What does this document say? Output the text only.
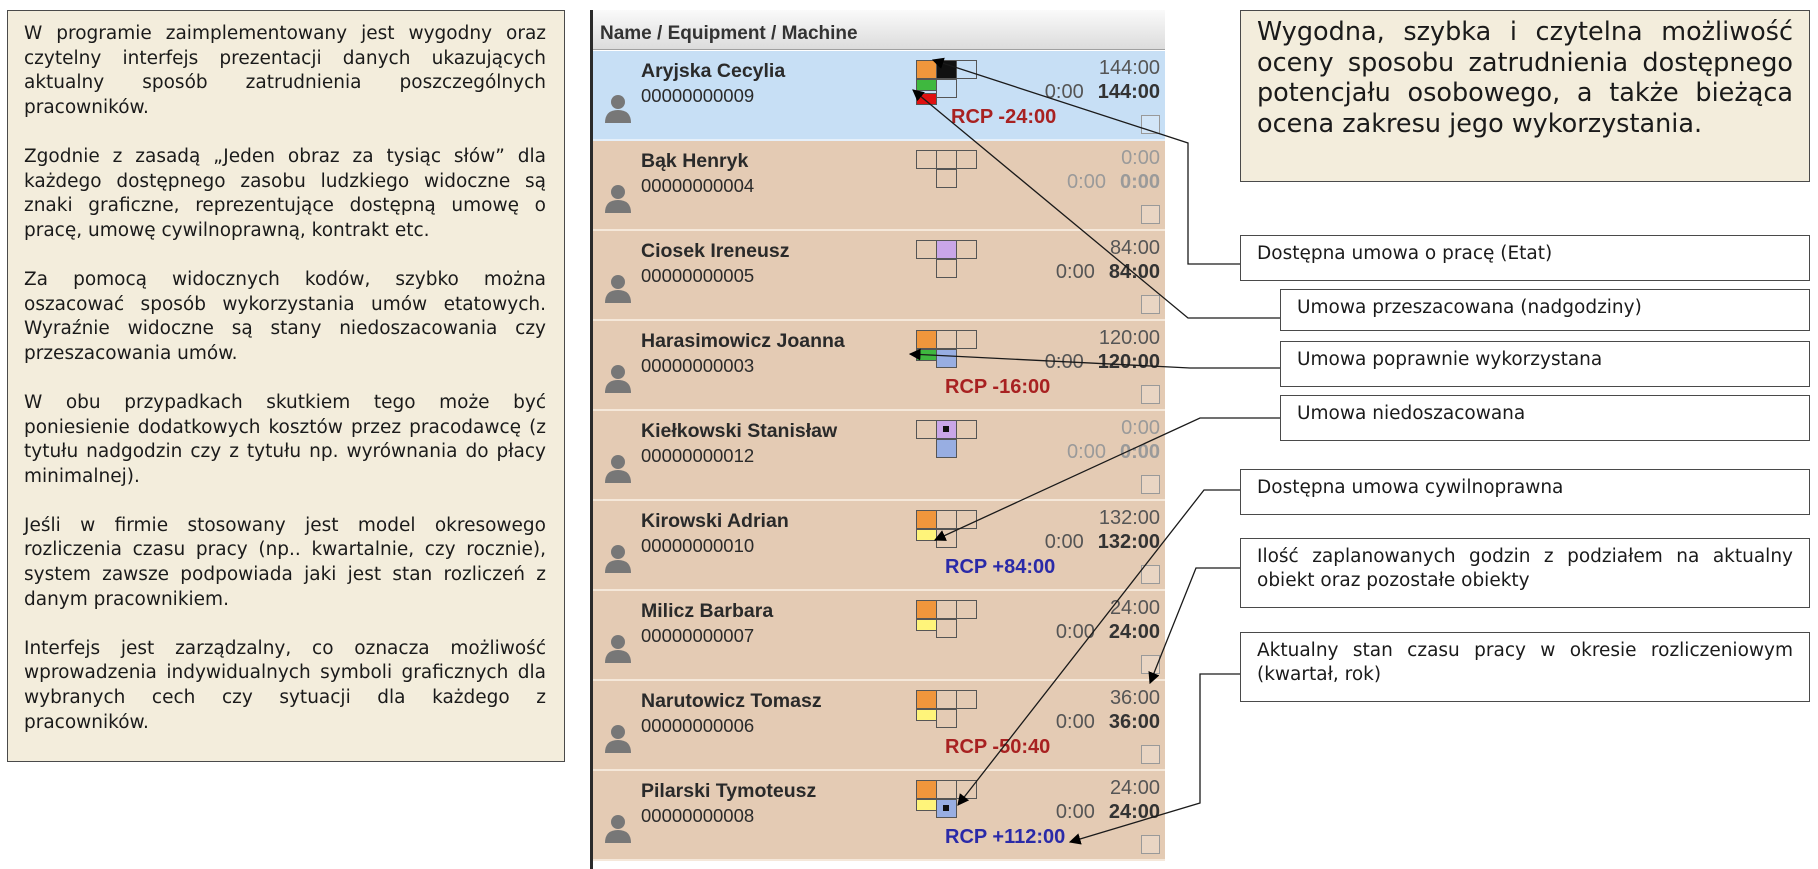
W programie zaimplementowany jest wygodny oraz czytelny interfejs prezentacji danych ukazujących aktualny sposób zatrudnienia poszczególnych pracowników.

Zgodnie z zasadą „Jeden obraz za tysiąc słów” dla każdego dostępnego zasobu ludzkiego widoczne są znaki graficzne, reprezentujące dostępną umowę o pracę, umowę cywilnoprawną, kontrakt etc.

Za pomocą widocznych kodów, szybko można oszacować sposób wykorzystania umów etatowych. Wyraźnie widoczne są stany niedoszacowania czy przeszacowania umów.

W obu przypadkach skutkiem tego może być poniesienie dodatkowych kosztów przez pracodawcę (z tytułu nadgodzin czy z tytułu np. wyrównania do płacy minimalnej).

Jeśli w firmie stosowany jest model okresowego rozliczenia czasu pracy (np.. kwartalnie, czy rocznie), system zawsze podpowiada jaki jest stan rozliczeń z danym pracownikiem.

Interfejs jest zarządzalny, co oznacza możliwość wprowadzenia indywidualnych symboli graficznych dla wybranych cech czy sytuacji dla każdego z pracowników.

Wygodna, szybka i czytelna możliwość oceny sposobu zatrudnienia dostępnego potencjału osobowego, a także bieżąca ocena zakresu jego wykorzystania.
Dostępna umowa o pracę (Etat)
Umowa przeszacowana (nadgodziny)
Umowa poprawnie wykorzystana
Umowa niedoszacowana
Dostępna umowa cywilnoprawna
Ilość zaplanowanych godzin z podziałem na aktualny obiekt oraz pozostałe obiekty
Aktualny stan czasu pracy w okresie rozliczeniowym (kwartał, rok)
Name / Equipment / Machine
Aryjska Cecylia
00000000009
144:00
0:00 144:00
RCP -24:00
Bąk Henryk
00000000004
0:00
0:00 0:00
Ciosek Ireneusz
00000000005
84:00
0:00 84:00
Harasimowicz Joanna
00000000003
120:00
0:00 120:00
RCP -16:00
Kiełkowski Stanisław
00000000012
0:00
0:00 0:00
Kirowski Adrian
00000000010
132:00
0:00 132:00
RCP +84:00
Milicz Barbara
00000000007
24:00
0:00 24:00
Narutowicz Tomasz
00000000006
36:00
0:00 36:00
RCP -50:40
Pilarski Tymoteusz
00000000008
24:00
0:00 24:00
RCP +112:00
